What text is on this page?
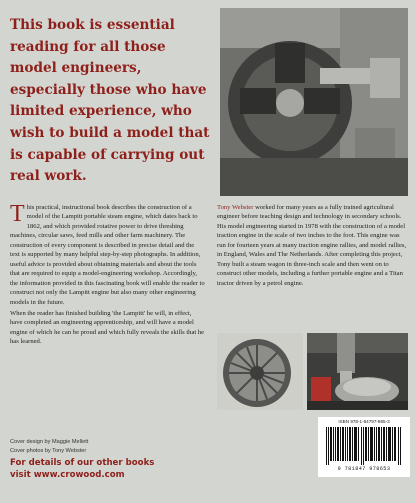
This book is essential reading for all those model engineers, especially those who have limited experience, who wish to build a model that is capable of carrying out real work.

This practical, instructional book describes the construction of a model of the Lampitt portable steam engine, which dates back to 1862, and which provided rotative power to drive threshing machines, circular saws, feed mills and other farm machinery. The construction of every component is described in precise detail and the text is supported by many helpful step-by-step photographs. In addition, useful advice is provided about obtaining materials and about the tools that are required to equip a model-engineering workshop. Accordingly, the information provided in this fascinating book will enable the reader to construct not only the Lampitt engine but also many other engineering models in the future.

When the reader has finished building 'the Lampitt' he will, in effect, have completed an engineering apprenticeship, and will have a model engine of which he can be proud and which fully reveals the skills that he has learned.

Tony Webster worked for many years as a fully trained agricultural engineer before teaching design and technology in secondary schools. His model engineering started in 1978 with the construction of a model traction engine in the scale of two inches to the foot. This engine was run for fourteen years at many traction engine rallies, and model rallies, in England, Wales and The Netherlands. After completing this project, Tony built a steam wagon in three-inch scale and then went on to construct other models, including a further portable engine and a Titan tractor driven by a petrol engine.

Cover design by Maggie Mellett
Cover photos by Tony Webster
For details of our other books
visit www.crowood.com
ISBN 978-1-84797-865-3
9 781847 978653
